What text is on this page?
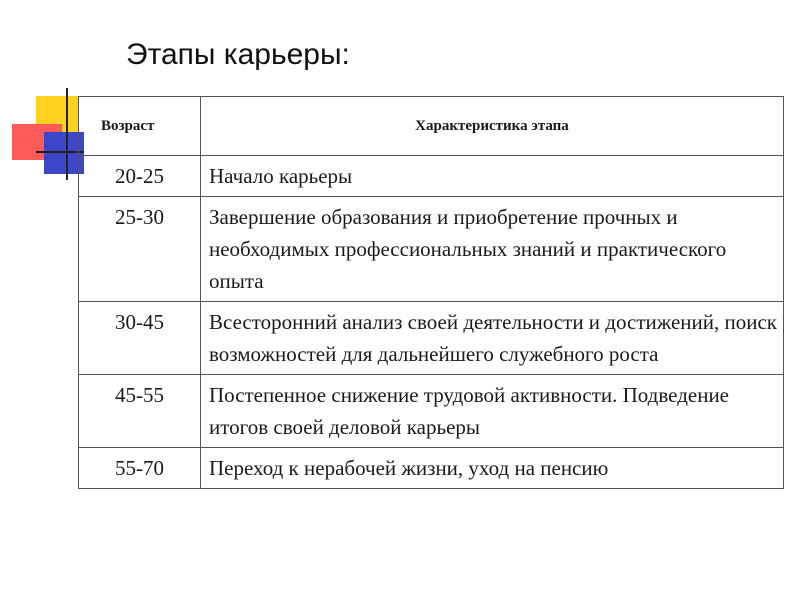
Этапы карьеры:
Возраст	Характеристика этапа
20-25	Начало карьеры
25-30	Завершение образования и приобретение прочных и необходимых профессиональных знаний и практического опыта
30-45	Всесторонний анализ своей деятельности и достижений, поиск возможностей для дальнейшего служебного роста
45-55	Постепенное снижение трудовой активности. Подведение итогов своей деловой карьеры
55-70	Переход к нерабочей жизни, уход на пенсию
